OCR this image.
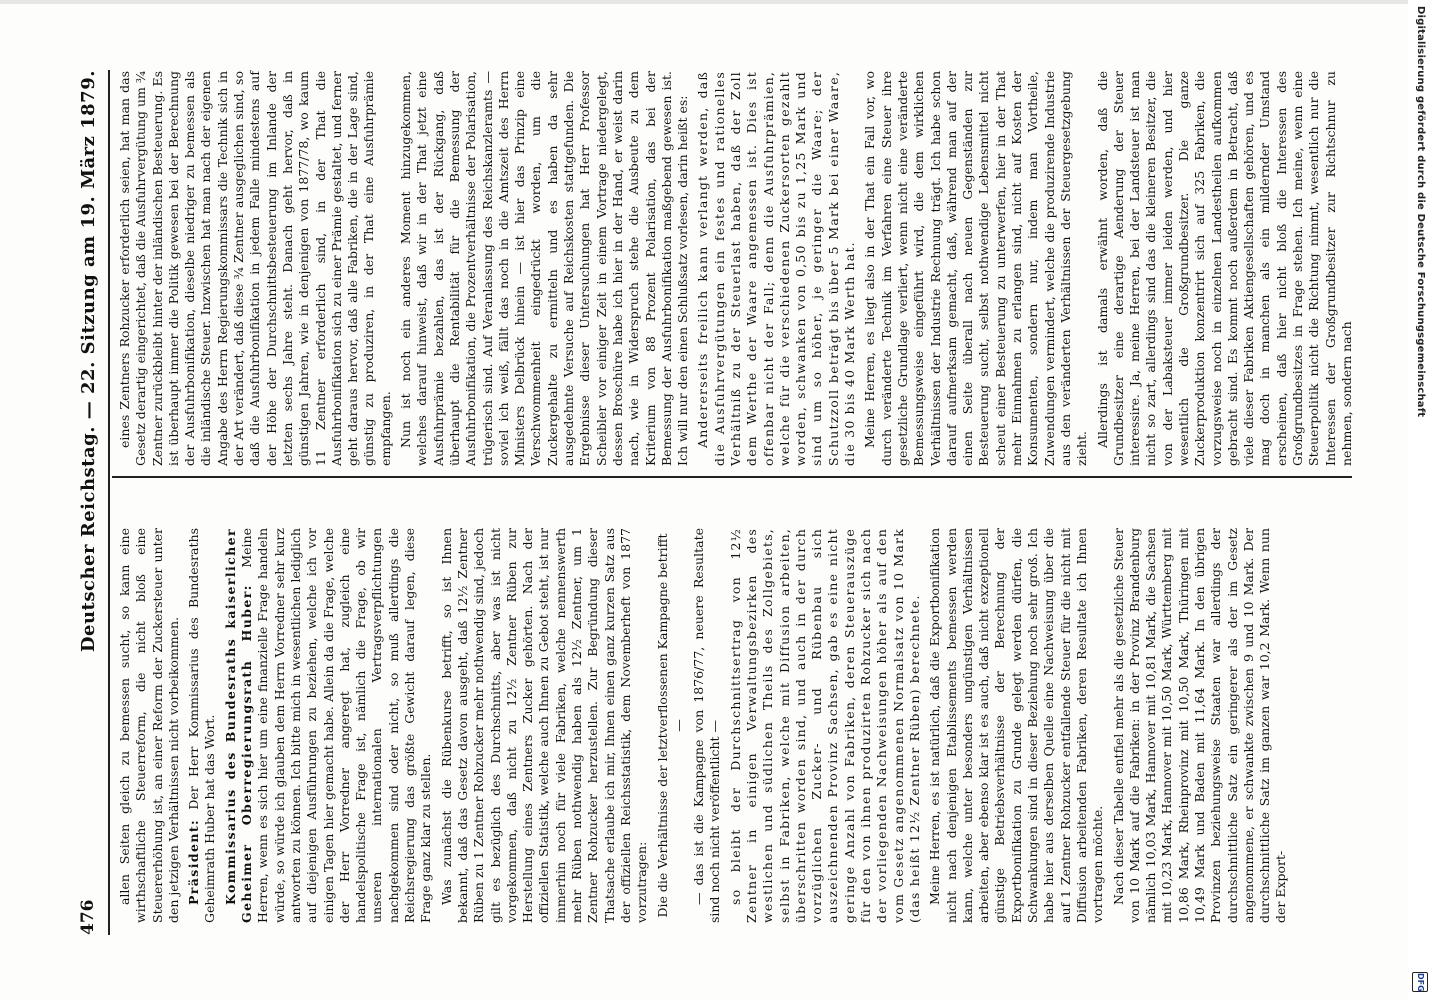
Digitalisierung gefördert durch die Deutsche Forschungsgemeinschaft
DFG
476
Deutscher Reichstag. — 22. Sitzung am 19. März 1879.

allen Seiten gleich zu bemessen sucht, so kann eine wirthschaftliche Steuerreform, die nicht bloß eine Steuererhöhung ist, an einer Reform der Zuckersteuer unter den jetzigen Verhältnissen nicht vorbeikommen. Präsident: Der Herr Kommissarius des Bundesraths Geheimrath Huber hat das Wort. Kommissarius des Bundesraths kaiserlicher Geheimer Oberregierungsrath Huber: Meine Herren, wenn es sich hier um eine finanzielle Frage handeln würde, so würde ich glauben dem Herrn Vorredner sehr kurz antworten zu können. Ich bitte mich in wesentlichen lediglich auf diejenigen Ausführungen zu beziehen, welche ich vor einigen Tagen hier gemacht habe. Allein da die Frage, welche der Herr Vorredner angeregt hat, zugleich eine handelspolitische Frage ist, nämlich die Frage, ob wir unseren internationalen Vertragsverpflichtungen nachgekommen sind oder nicht, so muß allerdings die Reichsregierung das größte Gewicht darauf legen, diese Frage ganz klar zu stellen. Was zunächst die Rübenkurse betrifft, so ist Ihnen bekannt, daß das Gesetz davon ausgeht, daß 12½ Zentner Rüben zu 1 Zentner Rohzucker mehr nothwendig sind, jedoch gilt es bezüglich des Durchschnitts, aber was ist nicht vorgekommen, daß nicht zu 12½ Zentner Rüben zur Herstellung eines Zentners Zucker gehörten. Nach der offiziellen Statistik, welche auch Ihnen zu Gebot steht, ist nur immerhin noch für viele Fabriken, welche nennenswerth mehr Rüben nothwendig haben als 12½ Zentner, um 1 Zentner Rohzucker herzustellen. Zur Begründung dieser Thatsache erlaube ich mir, Ihnen einen ganz kurzen Satz aus der offiziellen Reichsstatistik, dem Novemberheft von 1877 vorzutragen: Die die Verhältnisse der letztverflossenen Kampagne betrifft — — das ist die Kampagne von 1876/77, neuere Resultate sind noch nicht veröffentlicht — so bleibt der Durchschnittsertrag von 12½ Zentner in einigen Verwaltungsbezirken des westlichen und südlichen Theils des Zollgebiets, selbst in Fabriken, welche mit Diffusion arbeiten, überschritten worden sind, und auch in der durch vorzüglichen Zucker- und Rübenbau sich auszeichnenden Provinz Sachsen, gab es eine nicht geringe Anzahl von Fabriken, deren Steuerauszüge für den von ihnen produzirten Rohzucker sich nach der vorliegenden Nachweisungen höher als auf den vom Gesetz angenommenen Normalsatz von 10 Mark (das heißt 12½ Zentner Rüben) berechnete. Meine Herren, es ist natürlich, daß die Exportbonifikation nicht nach denjenigen Etablissements bemessen werden kann, welche unter besonders ungünstigen Verhältnissen arbeiten, aber ebenso klar ist es auch, daß nicht exzeptionell günstige Betriebsverhältnisse der Berechnung der Exportbonifikation zu Grunde gelegt werden dürfen, die Schwankungen sind in dieser Beziehung noch sehr groß. Ich habe hier aus derselben Quelle eine Nachweisung über die auf 1 Zentner Rohzucker entfallende Steuer für die nicht mit Diffusion arbeitenden Fabriken, deren Resultate ich Ihnen vortragen möchte. Nach dieser Tabelle entfiel mehr als die gesetzliche Steuer von 10 Mark auf die Fabriken: in der Provinz Brandenburg nämlich 10,03 Mark, Hannover mit 10,81 Mark, die Sachsen mit 10,23 Mark, Hannover mit 10,50 Mark, Württemberg mit 10,86 Mark, Rheinprovinz mit 10,50 Mark, Thüringen mit 10,49 Mark und Baden mit 11,64 Mark. In den übrigen Provinzen beziehungsweise Staaten war allerdings der durchschnittliche Satz ein geringerer als der im Gesetz angenommene, er schwankte zwischen 9 und 10 Mark. Der durchschnittliche Satz im ganzen war 10,2 Mark. Wenn nun der Export-

eines Zentners Rohzucker erforderlich seien, hat man das Gesetz derartig eingerichtet, daß die Ausfuhrvergütung um ¾ Zentner zurückbleibt hinter der inländischen Besteuerung. Es ist überhaupt immer die Politik gewesen bei der Berechnung der Ausfuhrbonifikation, dieselbe niedriger zu bemessen als die inländische Steuer. Inzwischen hat man nach der eigenen Angabe des Herrn Regierungskommissars die Technik sich in der Art verändert, daß diese ¾ Zentner ausgeglichen sind, so daß die Ausfuhrbonifikation in jedem Falle mindestens auf der Höhe der Durchschnittsbesteuerung im Inlande der letzten sechs Jahre steht. Danach geht hervor, daß in günstigen Jahren, wie in denjenigen von 1877/78, wo kaum 11 Zentner erforderlich sind, in der That die Ausfuhrbonifikation sich zu einer Prämie gestaltet, und ferner geht daraus hervor, daß alle Fabriken, die in der Lage sind, günstig zu produziren, in der That eine Ausfuhrprämie empfangen. Nun ist noch ein anderes Moment hinzugekommen, welches darauf hinweist, daß wir in der That jetzt eine Ausfuhrprämie bezahlen, das ist der Rückgang, daß überhaupt die Rentabilität für die Bemessung der Ausfuhrbonifikation, die Prozentverhältnisse der Polarisation, trügerisch sind. Auf Veranlassung des Reichskanzleramts — soviel ich weiß, fällt das noch in die Amtszeit des Herrn Ministers Delbrück hinein — ist hier das Prinzip eine Verschwommenheit eingedrückt worden, um die Zuckergehalte zu ermitteln und es haben da sehr ausgedehnte Versuche auf Reichskosten stattgefunden. Die Ergebnisse dieser Untersuchungen hat Herr Professor Scheibler vor einiger Zeit in einem Vortrage niedergelegt, dessen Broschüre habe ich hier in der Hand, er weist darin nach, wie in Widerspruch stehe die Ausbeute zu dem Kriterium von 88 Prozent Polarisation, das bei der Bemessung der Ausfuhrbonifikation maßgebend gewesen ist. Ich will nur den einen Schlußsatz vorlesen, darin heißt es: Andererseits freilich kann verlangt werden, daß die Ausfuhrvergütungen ein festes und rationelles Verhältniß zu der Steuerlast haben, daß der Zoll dem Werthe der Waare angemessen ist. Dies ist offenbar nicht der Fall; denn die Ausfuhrprämien, welche für die verschiedenen Zuckersorten gezahlt worden, schwanken von 0,50 bis zu 1,25 Mark und sind um so höher, je geringer die Waare; der Schutzzoll beträgt bis über 5 Mark bei einer Waare, die 30 bis 40 Mark Werth hat. Meine Herren, es liegt also in der That ein Fall vor, wo durch veränderte Technik im Verfahren eine Steuer ihre gesetzliche Grundlage verliert, wenn nicht eine veränderte Bemessungsweise eingeführt wird, die dem wirklichen Verhältnissen der Industrie Rechnung trägt. Ich habe schon darauf aufmerksam gemacht, daß, während man auf der einen Seite überall nach neuen Gegenständen zur Besteuerung sucht, selbst nothwendige Lebensmittel nicht scheut einer Besteuerung zu unterwerfen, hier in der That mehr Einnahmen zu erlangen sind, nicht auf Kosten der Konsumenten, sondern nur, indem man Vortheile, Zuwendungen vermindert, welche die produzirende Industrie aus den veränderten Verhältnissen der Steuergesetzgebung zieht.

Allerdings ist damals erwähnt worden, daß die Grundbesitzer eine derartige Aenderung der Steuer interessire. Ja, meine Herren, bei der Landsteuer ist man nicht so zart, allerdings sind das die kleineren Besitzer, die von der Labaksteuer immer leiden werden, und hier wesentlich die Großgrundbesitzer. Die ganze Zuckerproduktion konzentrirt sich auf 325 Fabriken, die vorzugsweise noch in einzelnen Landestheilen aufkommen gebracht sind. Es kommt noch außerdem in Betracht, daß viele dieser Fabriken Aktiengesellschaften gehören, und es mag doch in manchen als ein mildernder Umstand erscheinen, daß hier nicht bloß die Interessen des Großgrundbesitzes in Frage stehen. Ich meine, wenn eine Steuerpolitik nicht die Richtung nimmt, wesentlich nur die Interessen der Großgrundbesitzer zur Richtschnur zu nehmen, sondern nach
